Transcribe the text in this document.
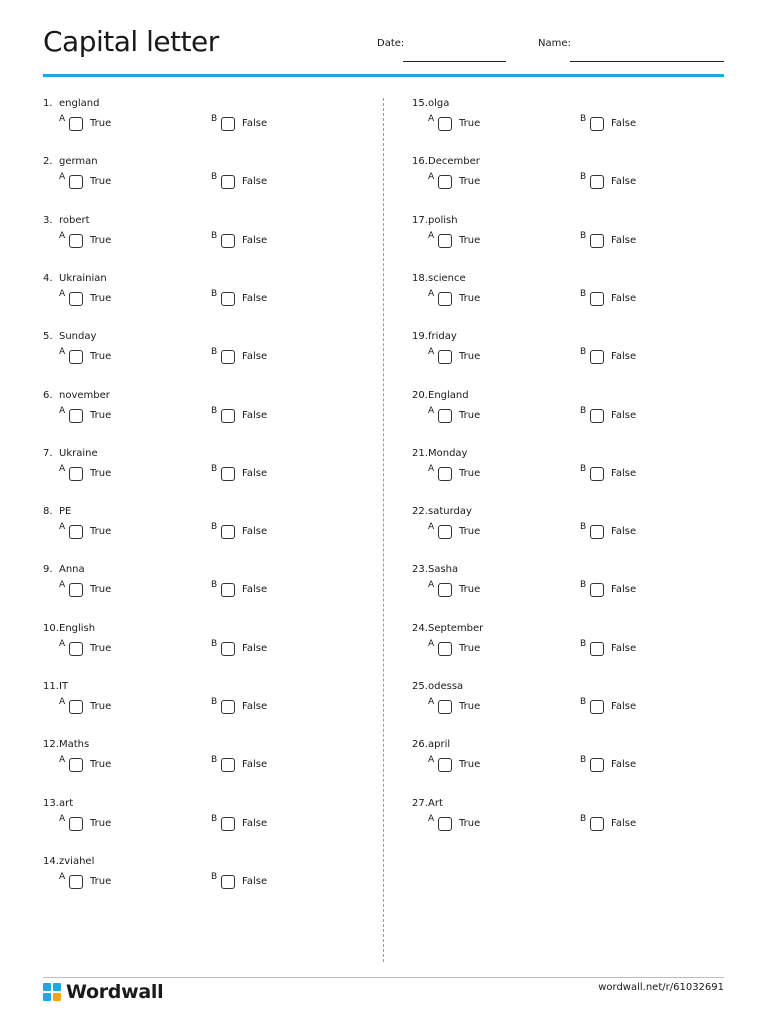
Capital letter	Date:	Name:
1. england
A True	B False
2. german
A True	B False
3. robert
A True	B False
4. Ukrainian
A True	B False
5. Sunday
A True	B False
6. november
A True	B False
7. Ukraine
A True	B False
8. PE
A True	B False
9. Anna
A True	B False
10. English
A True	B False
11. IT
A True	B False
12. Maths
A True	B False
13. art
A True	B False
14. zviahel
A True	B False
15. olga
A True	B False
16. December
A True	B False
17. polish
A True	B False
18. science
A True	B False
19. friday
A True	B False
20. England
A True	B False
21. Monday
A True	B False
22. saturday
A True	B False
23. Sasha
A True	B False
24. September
A True	B False
25. odessa
A True	B False
26. april
A True	B False
27. Art
A True	B False
Wordwall	wordwall.net/r/61032691
